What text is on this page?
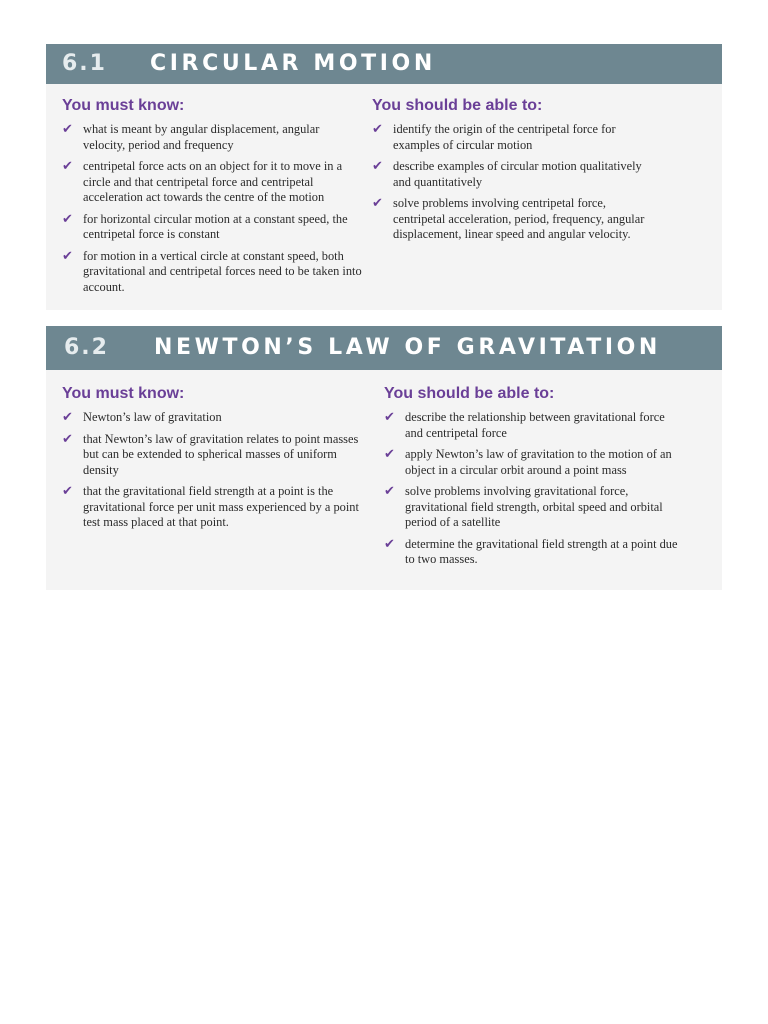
6.1 CIRCULAR MOTION
You must know:
✔ what is meant by angular displacement, angular velocity, period and frequency
✔ centripetal force acts on an object for it to move in a circle and that centripetal force and centripetal acceleration act towards the centre of the motion
✔ for horizontal circular motion at a constant speed, the centripetal force is constant
✔ for motion in a vertical circle at constant speed, both gravitational and centripetal forces need to be taken into account.
You should be able to:
✔ identify the origin of the centripetal force for examples of circular motion
✔ describe examples of circular motion qualitatively and quantitatively
✔ solve problems involving centripetal force, centripetal acceleration, period, frequency, angular displacement, linear speed and angular velocity.
6.2 NEWTON’S LAW OF GRAVITATION
You must know:
✔ Newton’s law of gravitation
✔ that Newton’s law of gravitation relates to point masses but can be extended to spherical masses of uniform density
✔ that the gravitational field strength at a point is the gravitational force per unit mass experienced by a point test mass placed at that point.
You should be able to:
✔ describe the relationship between gravitational force and centripetal force
✔ apply Newton’s law of gravitation to the motion of an object in a circular orbit around a point mass
✔ solve problems involving gravitational force, gravitational field strength, orbital speed and orbital period of a satellite
✔ determine the gravitational field strength at a point due to two masses.
